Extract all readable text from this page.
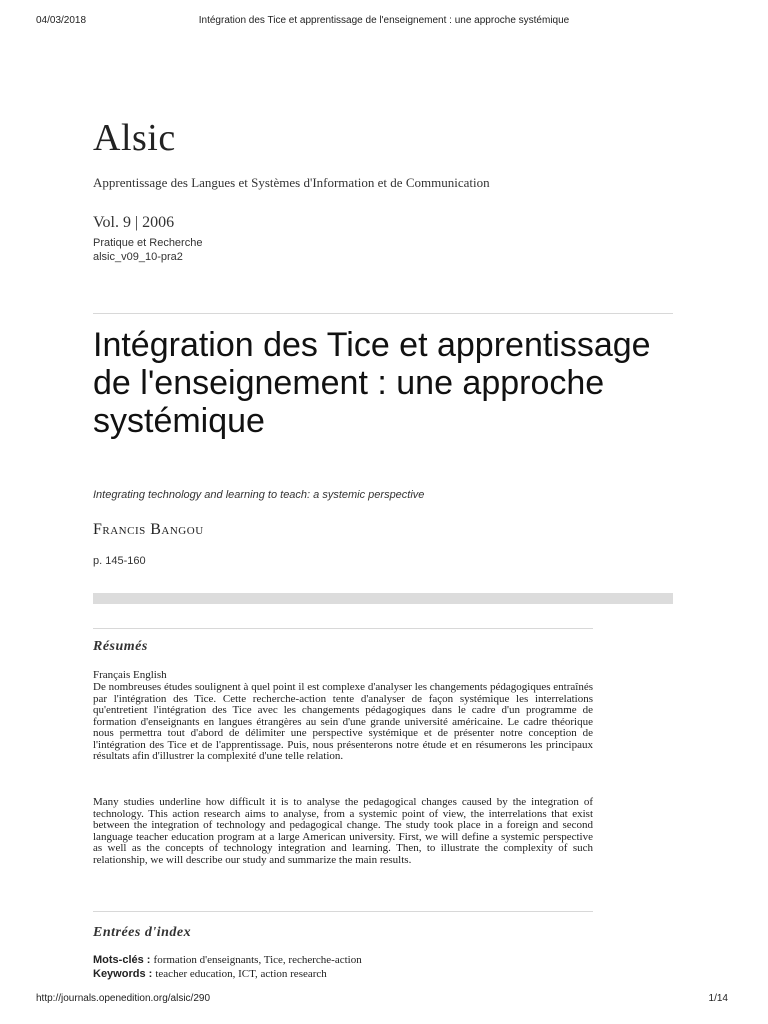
04/03/2018	Intégration des Tice et apprentissage de l'enseignement : une approche systémique
Alsic
Apprentissage des Langues et Systèmes d'Information et de Communication
Vol. 9 | 2006
Pratique et Recherche
alsic_v09_10-pra2
Intégration des Tice et apprentissage de l'enseignement : une approche systémique
Integrating technology and learning to teach: a systemic perspective
Francis Bangou
p. 145-160
Résumés
Français English

De nombreuses études soulignent à quel point il est complexe d'analyser les changements pédagogiques entraînés par l'intégration des Tice. Cette recherche-action tente d'analyser de façon systémique les interrelations qu'entretient l'intégration des Tice avec les changements pédagogiques dans le cadre d'un programme de formation d'enseignants en langues étrangères au sein d'une grande université américaine. Le cadre théorique nous permettra tout d'abord de délimiter une perspective systémique et de présenter notre conception de l'intégration des Tice et de l'apprentissage. Puis, nous présenterons notre étude et en résumerons les principaux résultats afin d'illustrer la complexité d'une telle relation.

Many studies underline how difficult it is to analyse the pedagogical changes caused by the integration of technology. This action research aims to analyse, from a systemic point of view, the interrelations that exist between the integration of technology and pedagogical change. The study took place in a foreign and second language teacher education program at a large American university. First, we will define a systemic perspective as well as the concepts of technology integration and learning. Then, to illustrate the complexity of such relationship, we will describe our study and summarize the main results.

Entrées d'index
Mots-clés : formation d'enseignants, Tice, recherche-action
Keywords : teacher education, ICT, action research
http://journals.openedition.org/alsic/290	1/14
